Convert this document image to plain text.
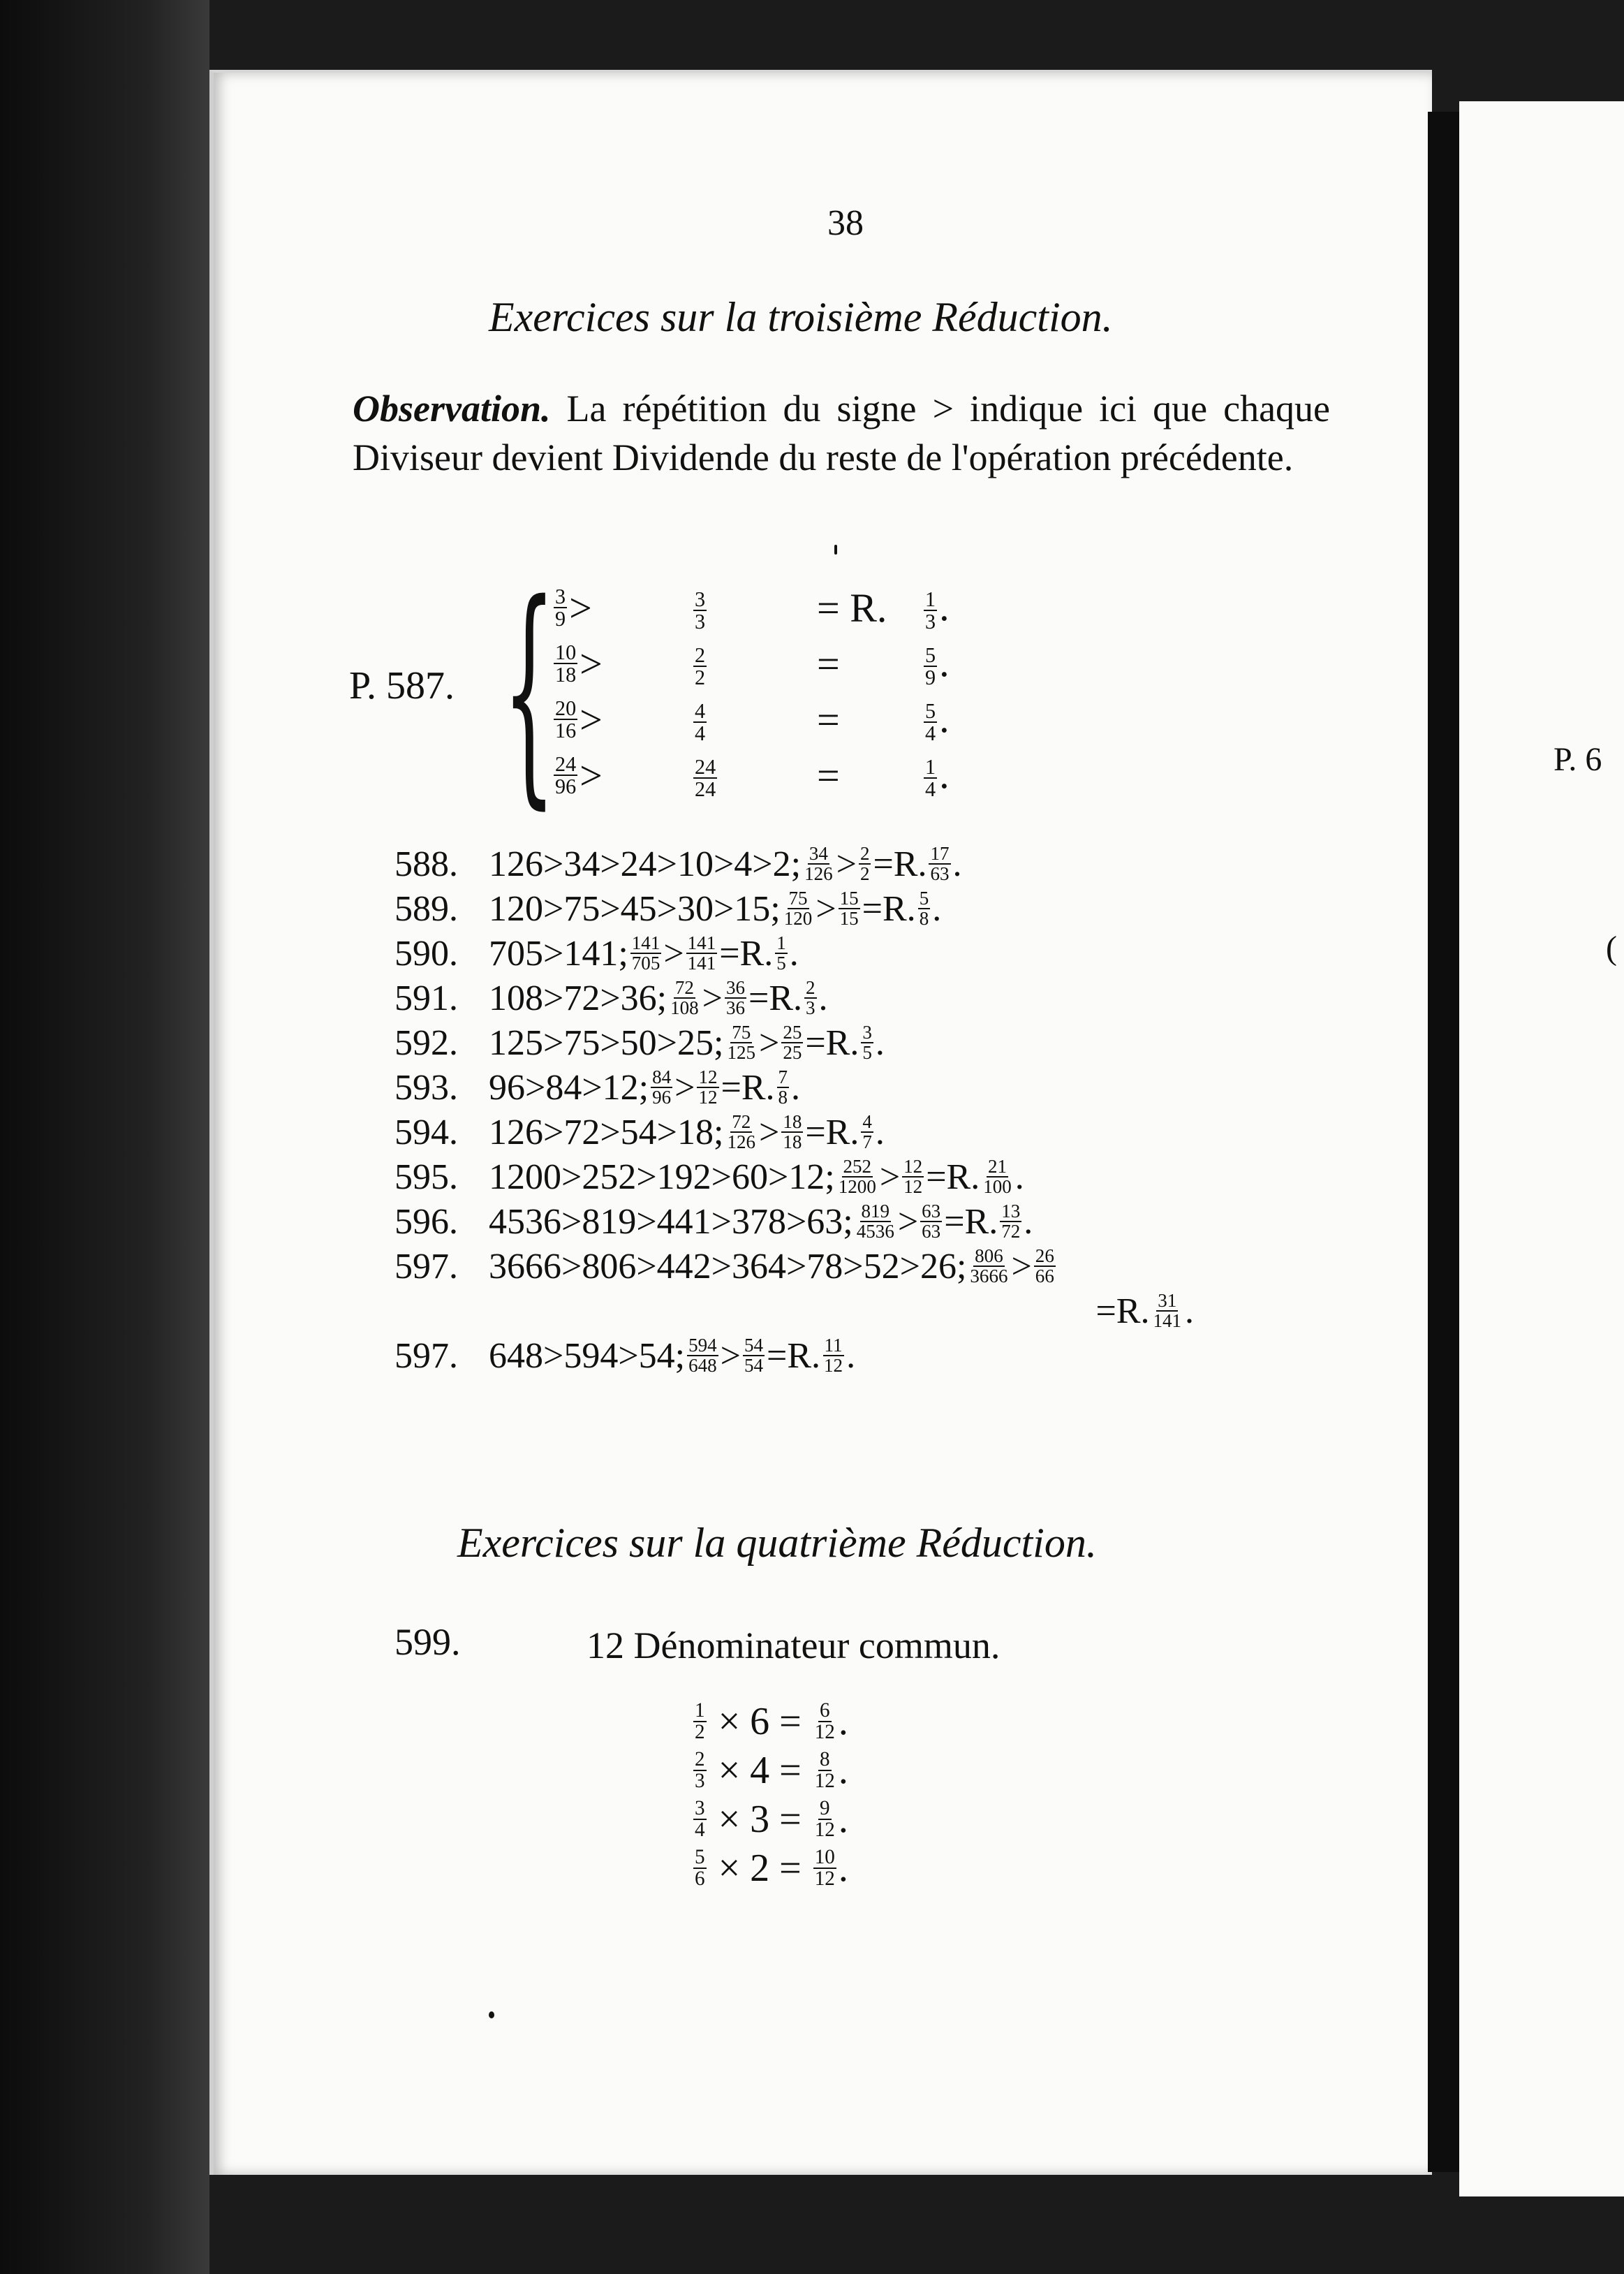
P. 6
(
38
Exercices sur la troisième Réduction.
Observation. La répétition du signe > indique ici que chaque Diviseur devient Dividende du reste de l'opération précédente.
P. 587. {
$\frac{3}{9}$ >	$\frac{3}{3}$	= R.	$\frac{1}{3}$ .
$\frac{10}{18}$ >	$\frac{2}{2}$	=	$\frac{5}{9}$ .
$\frac{20}{16}$ >	$\frac{4}{4}$	=	$\frac{5}{4}$ .
$\frac{24}{96}$ >	$\frac{24}{24}$ =	$\frac{1}{4}$ .
588. 126>34>24>10>4>2; $\frac{34}{126} > \frac{2}{2} =R$. $\frac{17}{63}$ .
589. 120>75>45>30>15; $\frac{75}{120} > \frac{15}{15} =R$. $\frac{5}{8}$ .
590. 705>141; $\frac{141}{705} > \frac{141}{141} =R$. $\frac{1}{5}$ .
591. 108>72>36; $\frac{72}{108} > \frac{36}{36} =R$. $\frac{2}{3}$ .
592. 125>75>50>25; $\frac{75}{125} > \frac{25}{25} =R$. $\frac{3}{5}$ .
593. 96>84>12; $\frac{84}{96} > \frac{12}{12} =R$. $\frac{7}{8}$ .
594. 126>72>54>18; $\frac{72}{126} > \frac{18}{18} =R$. $\frac{4}{7}$ .
595. 1200>252>192>60>12; $\frac{252}{1200} > \frac{12}{12} =R$. $\frac{21}{100}$ .
596. 4536>819>441>378>63; $\frac{819}{4536} > \frac{63}{63} =R$. $\frac{13}{72}$ .
597. 3666>806>442>364>78>52>26; $\frac{806}{3666} > \frac{26}{66}$
=R. $\frac{31}{141}$ .
597. 648>594>54; $\frac{594}{648} > \frac{54}{54} =R$. $\frac{11}{12}$ .
Exercices sur la quatrième Réduction.
599.	12 Dénominateur commun.
$\frac{1}{2} \times 6 = \frac{6}{12}$ .
$\frac{2}{3} \times 4 = \frac{8}{12}$ .
$\frac{3}{4} \times 3 = \frac{9}{12}$ .
$\frac{5}{6} \times 2 = \frac{10}{12}$ .
